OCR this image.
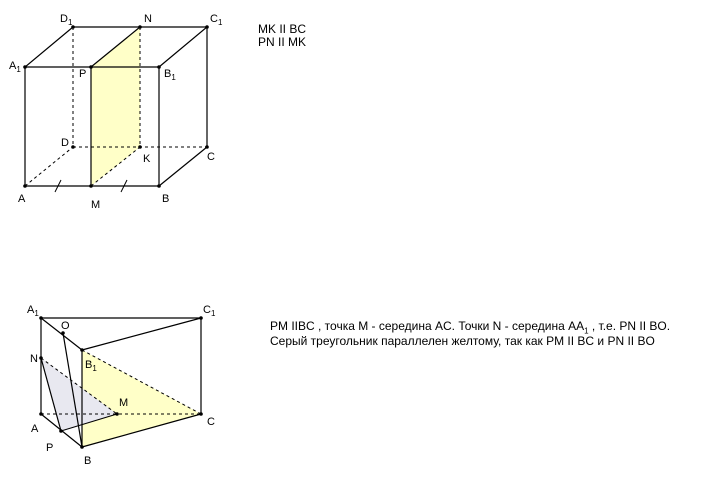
$D_1$	N	$C_1$
$A_1$	P	$B_1$
D
K	C
A	M	B
$A_1$	$C_1$
O
N	$B_1$
M
A
C
P
B
MK II BC
PN II MK
PM IIBC , точка M - середина AC. Точки N - середина $AA_1$ , т.е. PN II BO.
Серый треугольник параллелен желтому, так как PM II BC и PN II BO
